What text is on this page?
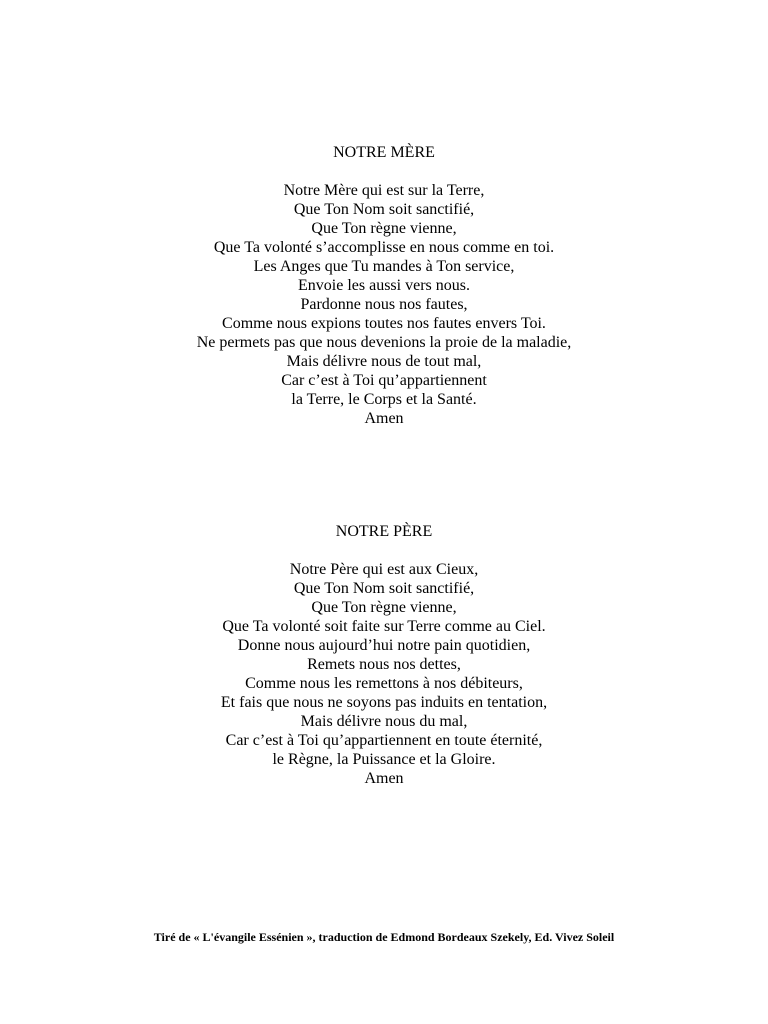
NOTRE MÈRE
Notre Mère qui est sur la Terre,
Que Ton Nom soit sanctifié,
Que Ton règne vienne,
Que Ta volonté s’accomplisse en nous comme en toi.
Les Anges que Tu mandes à Ton service,
Envoie les aussi vers nous.
Pardonne nous nos fautes,
Comme nous expions toutes nos fautes envers Toi.
Ne permets pas que nous devenions la proie de la maladie,
Mais délivre nous de tout mal,
Car c’est à Toi qu’appartiennent
la Terre, le Corps et la Santé.
Amen
NOTRE PÈRE
Notre Père qui est aux Cieux,
Que Ton Nom soit sanctifié,
Que Ton règne vienne,
Que Ta volonté soit faite sur Terre comme au Ciel.
Donne nous aujourd’hui notre pain quotidien,
Remets nous nos dettes,
Comme nous les remettons à nos débiteurs,
Et fais que nous ne soyons pas induits en tentation,
Mais délivre nous du mal,
Car c’est à Toi qu’appartiennent en toute éternité,
le Règne, la Puissance et la Gloire.
Amen

Tiré de « L'évangile Essénien », traduction de Edmond Bordeaux Szekely, Ed. Vivez Soleil
